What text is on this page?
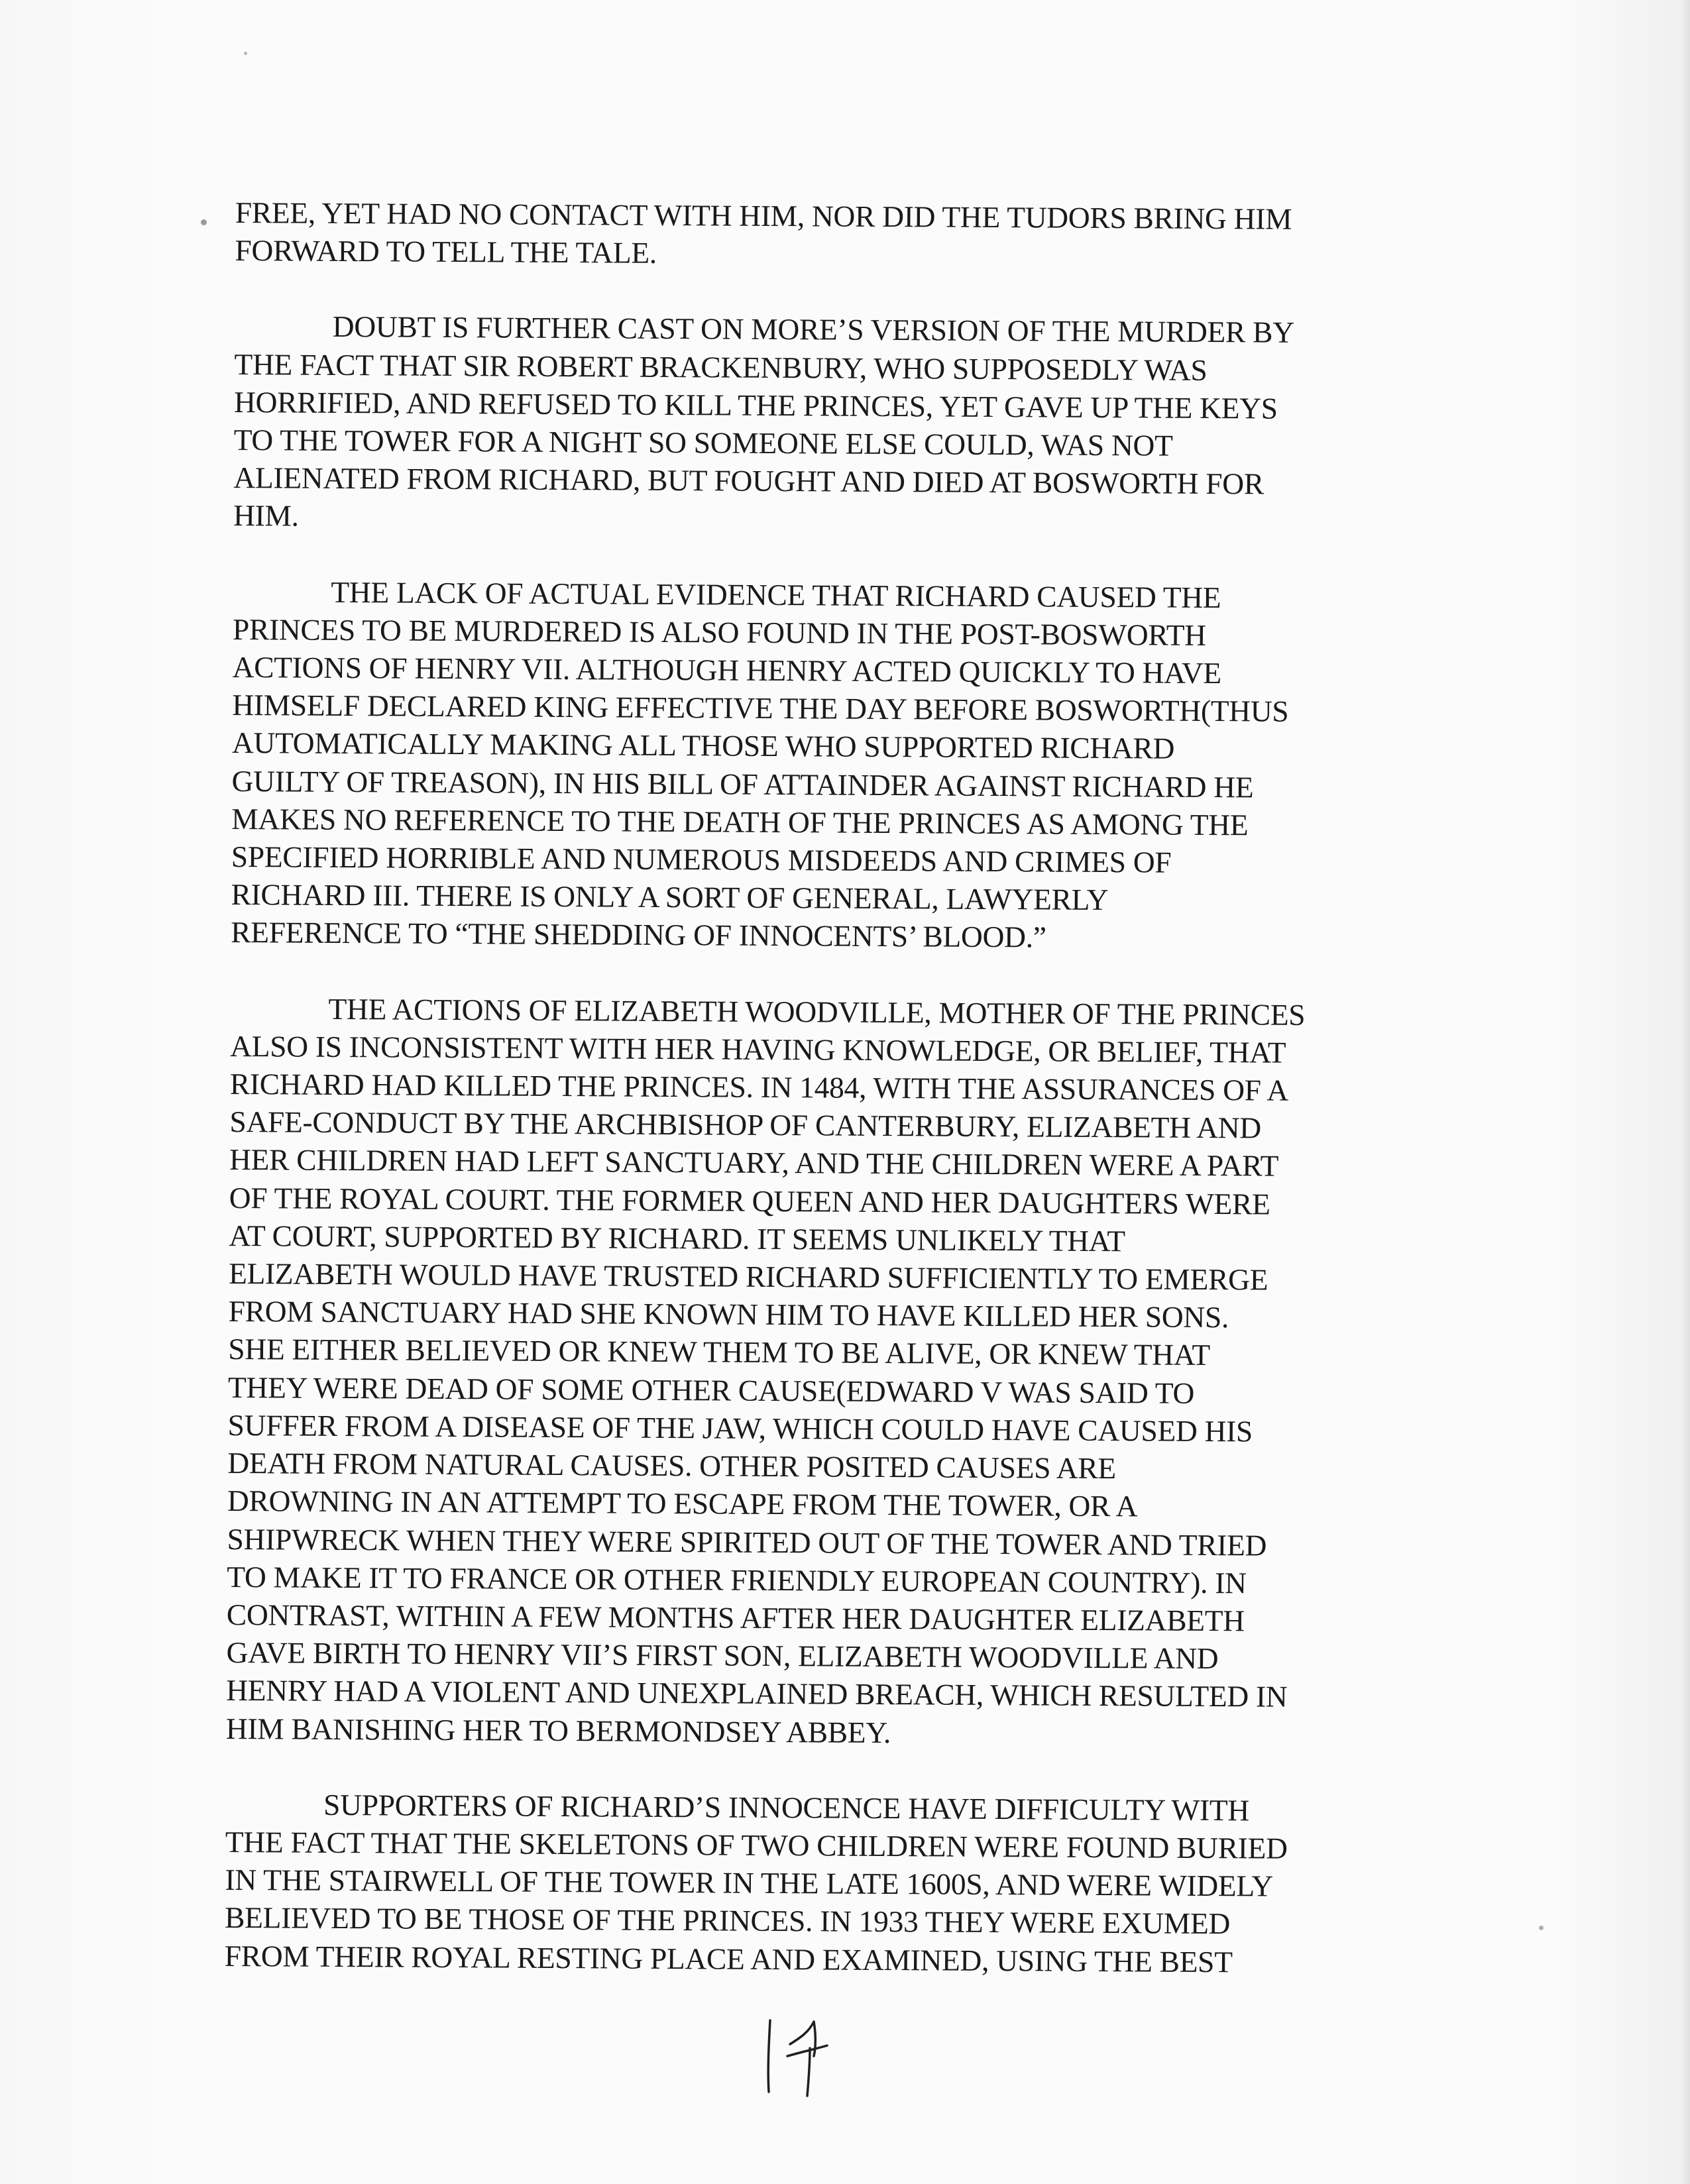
FREE, YET HAD NO CONTACT WITH HIM, NOR DID THE TUDORS BRING HIM
FORWARD TO TELL THE TALE.
DOUBT IS FURTHER CAST ON MORE’S VERSION OF THE MURDER BY
THE FACT THAT SIR ROBERT BRACKENBURY, WHO SUPPOSEDLY WAS
HORRIFIED, AND REFUSED TO KILL THE PRINCES, YET GAVE UP THE KEYS
TO THE TOWER FOR A NIGHT SO SOMEONE ELSE COULD, WAS NOT
ALIENATED FROM RICHARD, BUT FOUGHT AND DIED AT BOSWORTH FOR
HIM.
THE LACK OF ACTUAL EVIDENCE THAT RICHARD CAUSED THE
PRINCES TO BE MURDERED IS ALSO FOUND IN THE POST-BOSWORTH
ACTIONS OF HENRY VII. ALTHOUGH HENRY ACTED QUICKLY TO HAVE
HIMSELF DECLARED KING EFFECTIVE THE DAY BEFORE BOSWORTH(THUS
AUTOMATICALLY MAKING ALL THOSE WHO SUPPORTED RICHARD
GUILTY OF TREASON), IN HIS BILL OF ATTAINDER AGAINST RICHARD HE
MAKES NO REFERENCE TO THE DEATH OF THE PRINCES AS AMONG THE
SPECIFIED HORRIBLE AND NUMEROUS MISDEEDS AND CRIMES OF
RICHARD III. THERE IS ONLY A SORT OF GENERAL, LAWYERLY
REFERENCE TO “THE SHEDDING OF INNOCENTS’ BLOOD.”
THE ACTIONS OF ELIZABETH WOODVILLE, MOTHER OF THE PRINCES
ALSO IS INCONSISTENT WITH HER HAVING KNOWLEDGE, OR BELIEF, THAT
RICHARD HAD KILLED THE PRINCES. IN 1484, WITH THE ASSURANCES OF A
SAFE-CONDUCT BY THE ARCHBISHOP OF CANTERBURY, ELIZABETH AND
HER CHILDREN HAD LEFT SANCTUARY, AND THE CHILDREN WERE A PART
OF THE ROYAL COURT. THE FORMER QUEEN AND HER DAUGHTERS WERE
AT COURT, SUPPORTED BY RICHARD. IT SEEMS UNLIKELY THAT
ELIZABETH WOULD HAVE TRUSTED RICHARD SUFFICIENTLY TO EMERGE
FROM SANCTUARY HAD SHE KNOWN HIM TO HAVE KILLED HER SONS.
SHE EITHER BELIEVED OR KNEW THEM TO BE ALIVE, OR KNEW THAT
THEY WERE DEAD OF SOME OTHER CAUSE(EDWARD V WAS SAID TO
SUFFER FROM A DISEASE OF THE JAW, WHICH COULD HAVE CAUSED HIS
DEATH FROM NATURAL CAUSES. OTHER POSITED CAUSES ARE
DROWNING IN AN ATTEMPT TO ESCAPE FROM THE TOWER, OR A
SHIPWRECK WHEN THEY WERE SPIRITED OUT OF THE TOWER AND TRIED
TO MAKE IT TO FRANCE OR OTHER FRIENDLY EUROPEAN COUNTRY). IN
CONTRAST, WITHIN A FEW MONTHS AFTER HER DAUGHTER ELIZABETH
GAVE BIRTH TO HENRY VII’S FIRST SON, ELIZABETH WOODVILLE AND
HENRY HAD A VIOLENT AND UNEXPLAINED BREACH, WHICH RESULTED IN
HIM BANISHING HER TO BERMONDSEY ABBEY.
SUPPORTERS OF RICHARD’S INNOCENCE HAVE DIFFICULTY WITH
THE FACT THAT THE SKELETONS OF TWO CHILDREN WERE FOUND BURIED
IN THE STAIRWELL OF THE TOWER IN THE LATE 1600S, AND WERE WIDELY
BELIEVED TO BE THOSE OF THE PRINCES. IN 1933 THEY WERE EXUMED
FROM THEIR ROYAL RESTING PLACE AND EXAMINED, USING THE BEST
